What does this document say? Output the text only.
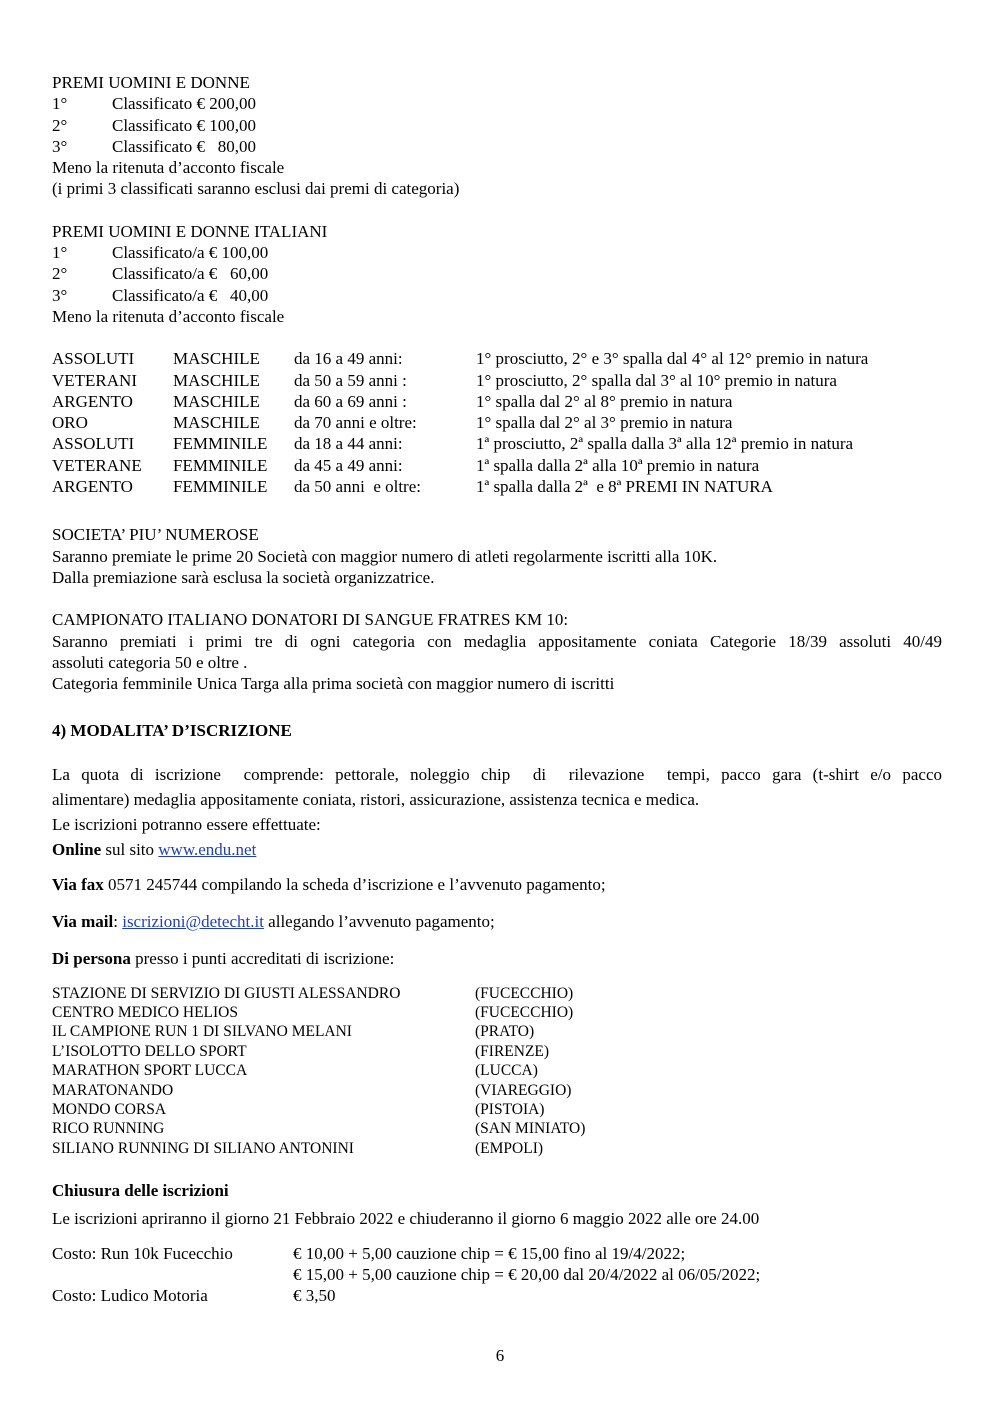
PREMI UOMINI E DONNE
1°	Classificato € 200,00
2°	Classificato € 100,00
3°	Classificato €   80,00
Meno la ritenuta d’acconto fiscale
(i primi 3 classificati saranno esclusi dai premi di categoria)
PREMI UOMINI E DONNE ITALIANI
1°	Classificato/a € 100,00
2°	Classificato/a €   60,00
3°	Classificato/a €   40,00
Meno la ritenuta d’acconto fiscale
ASSOLUTI	MASCHILE	da 16 a 49 anni:	1° prosciutto, 2° e 3° spalla dal 4° al 12° premio in natura
VETERANI	MASCHILE	da 50 a 59 anni :	1° prosciutto, 2° spalla dal 3° al 10° premio in natura
ARGENTO	MASCHILE	da 60 a 69 anni :	1° spalla dal 2° al 8° premio in natura
ORO	MASCHILE	da 70 anni e oltre:	1° spalla dal 2° al 3° premio in natura
ASSOLUTI	FEMMINILE	da 18 a 44 anni:	1ª prosciutto, 2ª spalla dalla 3ª alla 12ª premio in natura
VETERANE	FEMMINILE	da 45 a 49 anni:	1ª spalla dalla 2ª alla 10ª premio in natura
ARGENTO	FEMMINILE	da 50 anni  e oltre:	1ª spalla dalla 2ª  e 8ª PREMI IN NATURA
SOCIETA’ PIU’ NUMEROSE
Saranno premiate le prime 20 Società con maggior numero di atleti regolarmente iscritti alla 10K.
Dalla premiazione sarà esclusa la società organizzatrice.
CAMPIONATO ITALIANO DONATORI DI SANGUE FRATRES KM 10:
Saranno premiati i primi tre di ogni categoria con medaglia appositamente coniata Categorie 18/39 assoluti 40/49
assoluti categoria 50 e oltre .
Categoria femminile Unica Targa alla prima società con maggior numero di iscritti
4) MODALITA’ D’ISCRIZIONE
La quota di iscrizione  comprende: pettorale, noleggio chip  di  rilevazione  tempi, pacco gara (t-shirt e/o pacco
alimentare) medaglia appositamente coniata, ristori, assicurazione, assistenza tecnica e medica.
Le iscrizioni potranno essere effettuate:
Online sul sito www.endu.net
Via fax 0571 245744 compilando la scheda d’iscrizione e l’avvenuto pagamento;
Via mail: iscrizioni@detecht.it allegando l’avvenuto pagamento;
Di persona presso i punti accreditati di iscrizione:
STAZIONE DI SERVIZIO DI GIUSTI ALESSANDRO	(FUCECCHIO)
CENTRO MEDICO HELIOS	(FUCECCHIO)
IL CAMPIONE RUN 1 DI SILVANO MELANI	(PRATO)
L’ISOLOTTO DELLO SPORT	(FIRENZE)
MARATHON SPORT LUCCA	(LUCCA)
MARATONANDO	(VIAREGGIO)
MONDO CORSA	(PISTOIA)
RICO RUNNING	(SAN MINIATO)
SILIANO RUNNING DI SILIANO ANTONINI	(EMPOLI)
Chiusura delle iscrizioni
Le iscrizioni apriranno il giorno 21 Febbraio 2022 e chiuderanno il giorno 6 maggio 2022 alle ore 24.00
Costo: Run 10k Fucecchio	€ 10,00 + 5,00 cauzione chip = € 15,00 fino al 19/4/2022;
€ 15,00 + 5,00 cauzione chip = € 20,00 dal 20/4/2022 al 06/05/2022;
Costo: Ludico Motoria	€ 3,50
6
